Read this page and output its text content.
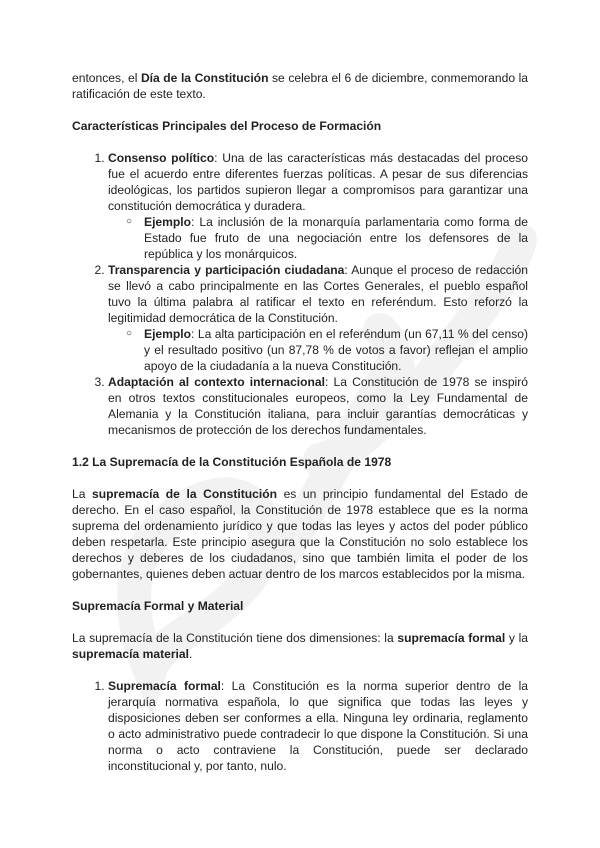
entonces, el Día de la Constitución se celebra el 6 de diciembre, conmemorando la ratificación de este texto.

Características Principales del Proceso de Formación

1. Consenso político: Una de las características más destacadas del proceso fue el acuerdo entre diferentes fuerzas políticas. A pesar de sus diferencias ideológicas, los partidos supieron llegar a compromisos para garantizar una constitución democrática y duradera.
○ Ejemplo: La inclusión de la monarquía parlamentaria como forma de Estado fue fruto de una negociación entre los defensores de la república y los monárquicos.
2. Transparencia y participación ciudadana: Aunque el proceso de redacción se llevó a cabo principalmente en las Cortes Generales, el pueblo español tuvo la última palabra al ratificar el texto en referéndum. Esto reforzó la legitimidad democrática de la Constitución.
○ Ejemplo: La alta participación en el referéndum (un 67,11 % del censo) y el resultado positivo (un 87,78 % de votos a favor) reflejan el amplio apoyo de la ciudadanía a la nueva Constitución.
3. Adaptación al contexto internacional: La Constitución de 1978 se inspiró en otros textos constitucionales europeos, como la Ley Fundamental de Alemania y la Constitución italiana, para incluir garantías democráticas y mecanismos de protección de los derechos fundamentales.

1.2 La Supremacía de la Constitución Española de 1978

La supremacía de la Constitución es un principio fundamental del Estado de derecho. En el caso español, la Constitución de 1978 establece que es la norma suprema del ordenamiento jurídico y que todas las leyes y actos del poder público deben respetarla. Este principio asegura que la Constitución no solo establece los derechos y deberes de los ciudadanos, sino que también limita el poder de los gobernantes, quienes deben actuar dentro de los marcos establecidos por la misma.

Supremacía Formal y Material

La supremacía de la Constitución tiene dos dimensiones: la supremacía formal y la supremacía material.

1. Supremacía formal: La Constitución es la norma superior dentro de la jerarquía normativa española, lo que significa que todas las leyes y disposiciones deben ser conformes a ella. Ninguna ley ordinaria, reglamento o acto administrativo puede contradecir lo que dispone la Constitución. Si una norma o acto contraviene la Constitución, puede ser declarado inconstitucional y, por tanto, nulo.
